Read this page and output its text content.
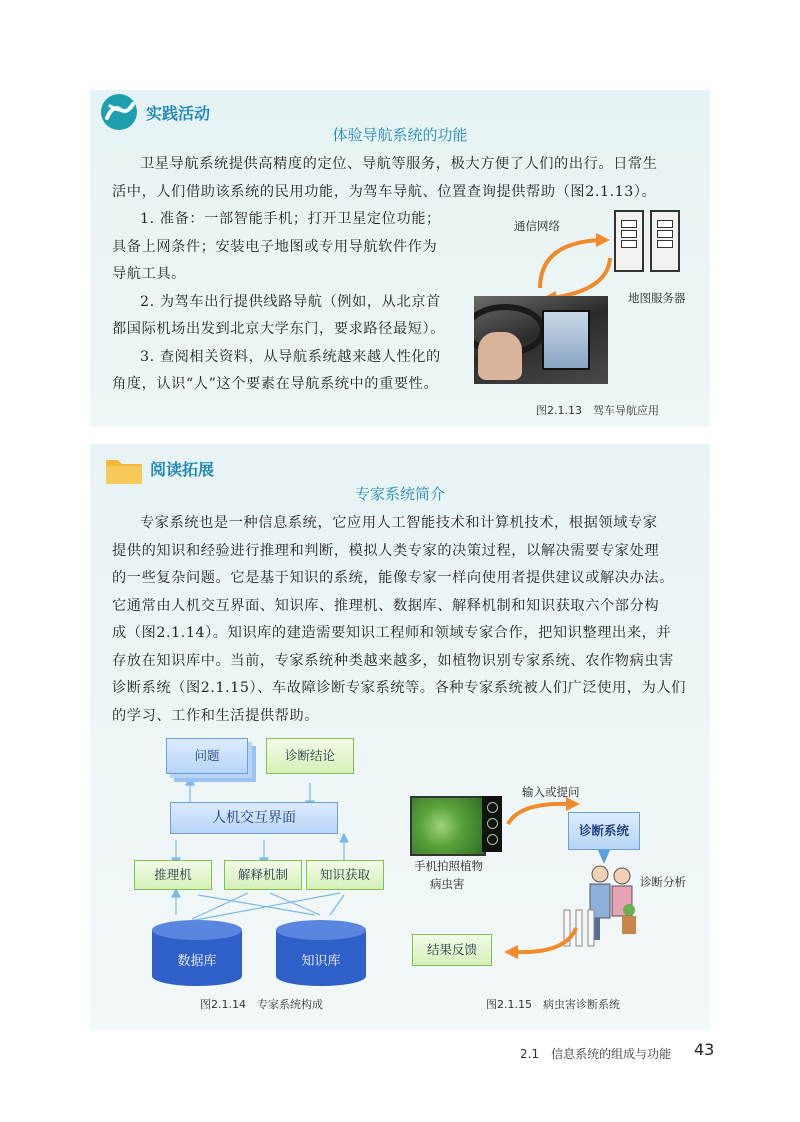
实践活动
体验导航系统的功能
卫星导航系统提供高精度的定位、导航等服务，极大方便了人们的出行。日常生
活中，人们借助该系统的民用功能，为驾车导航、位置查询提供帮助（图2.1.13）。
1. 准备：一部智能手机；打开卫星定位功能；
具备上网条件；安装电子地图或专用导航软件作为
导航工具。
2. 为驾车出行提供线路导航（例如，从北京首
都国际机场出发到北京大学东门，要求路径最短）。
3. 查阅相关资料，从导航系统越来越人性化的
角度，认识“人”这个要素在导航系统中的重要性。
通信网络
地图服务器
图2.1.13　驾车导航应用
阅读拓展
专家系统简介
专家系统也是一种信息系统，它应用人工智能技术和计算机技术，根据领域专家
提供的知识和经验进行推理和判断，模拟人类专家的决策过程，以解决需要专家处理
的一些复杂问题。它是基于知识的系统，能像专家一样向使用者提供建议或解决办法。
它通常由人机交互界面、知识库、推理机、数据库、解释机制和知识获取六个部分构
成（图2.1.14）。知识库的建造需要知识工程师和领域专家合作，把知识整理出来，并
存放在知识库中。当前，专家系统种类越来越多，如植物识别专家系统、农作物病虫害
诊断系统（图2.1.15）、车故障诊断专家系统等。各种专家系统被人们广泛使用，为人们
的学习、工作和生活提供帮助。
问题	诊断结论
人机交互界面
推理机	解释机制	知识获取
数据库	知识库
图2.1.14　专家系统构成
手机拍照植物
病虫害
输入或提问
诊断系统
诊断分析
结果反馈
图2.1.15　病虫害诊断系统
2.1　信息系统的组成与功能 43
